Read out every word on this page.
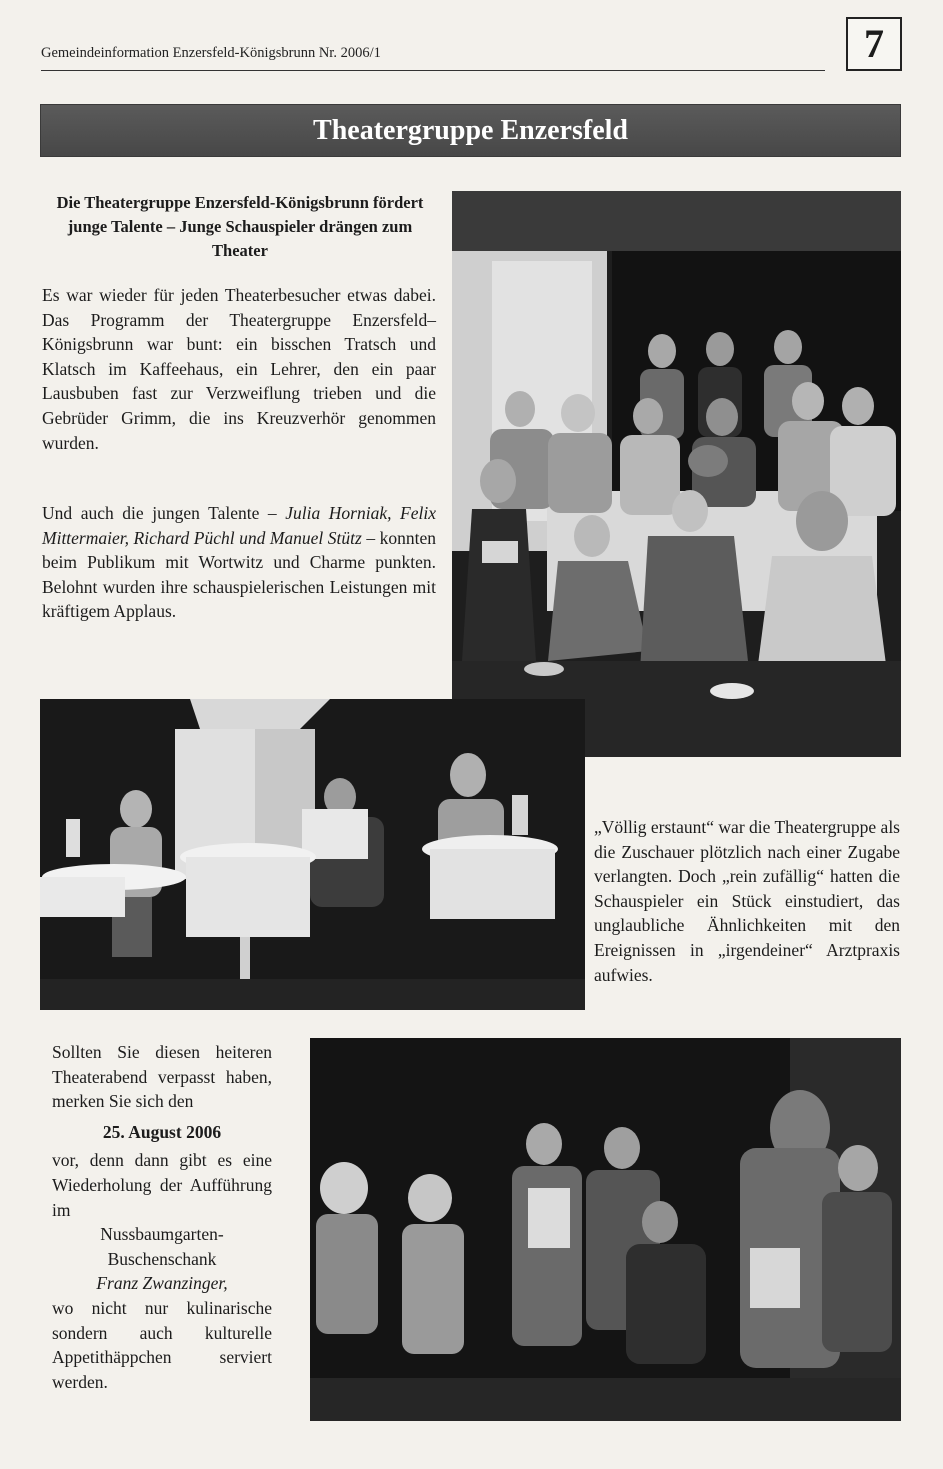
Gemeindeinformation Enzersfeld-Königsbrunn Nr. 2006/1	7
Theatergruppe Enzersfeld
Die Theatergruppe Enzersfeld-Königsbrunn fördert junge Talente – Junge Schauspieler drängen zum Theater
Es war wieder für jeden Theaterbesucher etwas dabei. Das Programm der Theatergruppe Enzersfeld–Königsbrunn war bunt: ein bisschen Tratsch und Klatsch im Kaffeehaus, ein Lehrer, den ein paar Lausbuben fast zur Verzweiflung trieben und die Gebrüder Grimm, die ins Kreuzverhör genommen wurden.
Und auch die jungen Talente – Julia Horniak, Felix Mittermaier, Richard Püchl und Manuel Stütz – konnten beim Publikum mit Wortwitz und Charme punkten. Belohnt wurden ihre schauspielerischen Leistungen mit kräftigem Applaus.
„Völlig erstaunt“ war die Theatergruppe als die Zuschauer plötzlich nach einer Zugabe verlangten. Doch „rein zufällig“ hatten die Schauspieler ein Stück einstudiert, das unglaubliche Ähnlichkeiten mit den Ereignissen in „irgendeiner“ Arztpraxis aufwies.
Sollten Sie diesen heiteren Theaterabend verpasst haben, merken Sie sich den
25. August 2006
vor, denn dann gibt es eine Wiederholung der Aufführung im
Nussbaumgarten-Buschenschank
Franz Zwanzinger,
wo nicht nur kulinarische sondern auch kulturelle Appetithäppchen serviert werden.
